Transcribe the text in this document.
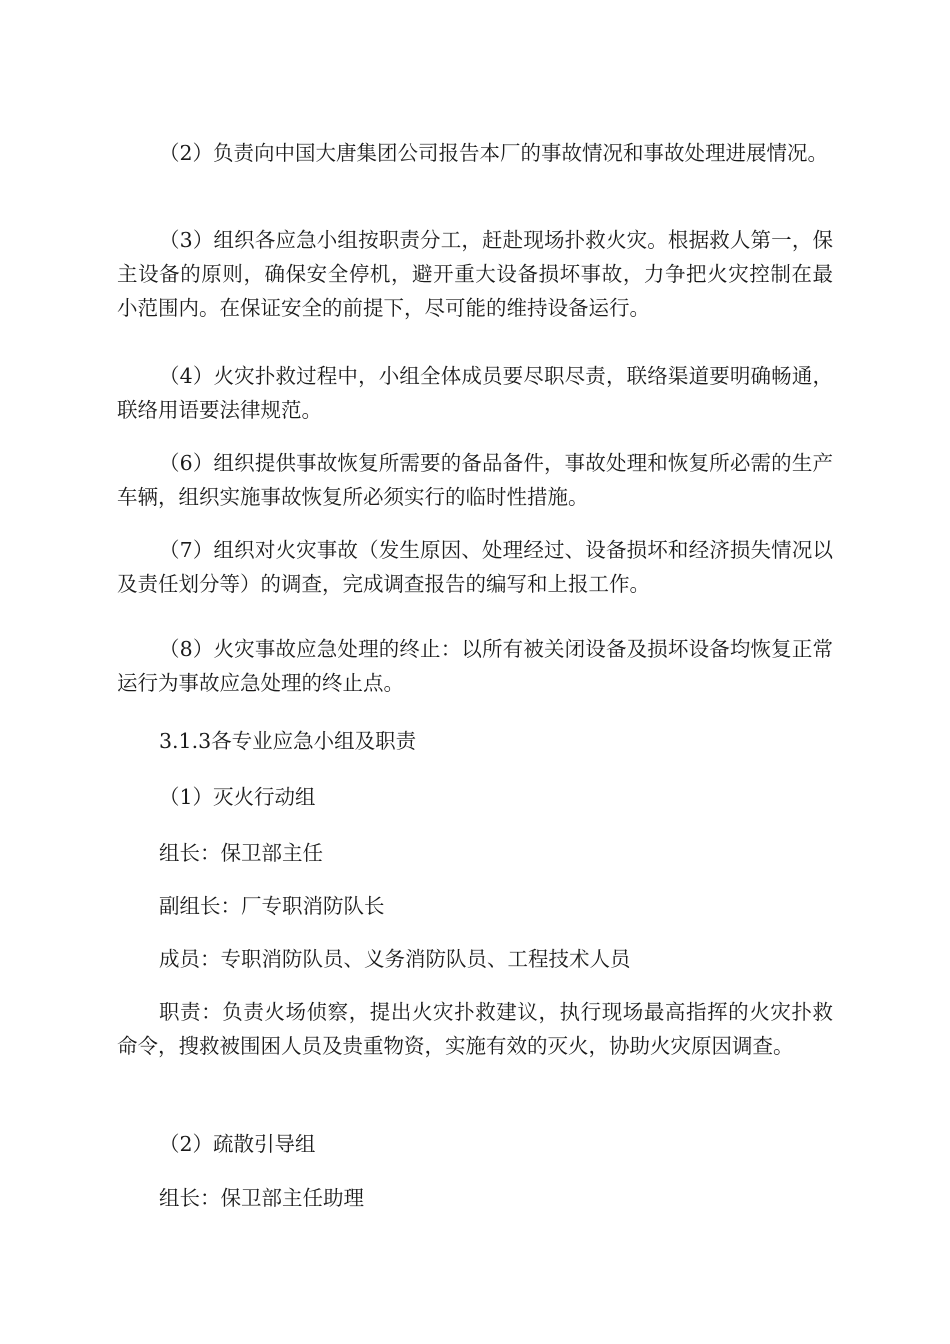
（2）负责向中国大唐集团公司报告本厂的事故情况和事故处理进展情况。

（3）组织各应急小组按职责分工，赶赴现场扑救火灾。根据救人第一，保主设备的原则，确保安全停机，避开重大设备损坏事故，力争把火灾控制在最小范围内。在保证安全的前提下，尽可能的维持设备运行。

（4）火灾扑救过程中，小组全体成员要尽职尽责，联络渠道要明确畅通，联络用语要法律规范。

（6）组织提供事故恢复所需要的备品备件，事故处理和恢复所必需的生产车辆，组织实施事故恢复所必须实行的临时性措施。

（7）组织对火灾事故（发生原因、处理经过、设备损坏和经济损失情况以及责任划分等）的调查，完成调查报告的编写和上报工作。

（8）火灾事故应急处理的终止：以所有被关闭设备及损坏设备均恢复正常运行为事故应急处理的终止点。

3.1.3各专业应急小组及职责

（1）灭火行动组

组长：保卫部主任

副组长：厂专职消防队长

成员：专职消防队员、义务消防队员、工程技术人员

职责：负责火场侦察，提出火灾扑救建议，执行现场最高指挥的火灾扑救命令，搜救被围困人员及贵重物资，实施有效的灭火，协助火灾原因调查。

（2）疏散引导组

组长：保卫部主任助理
